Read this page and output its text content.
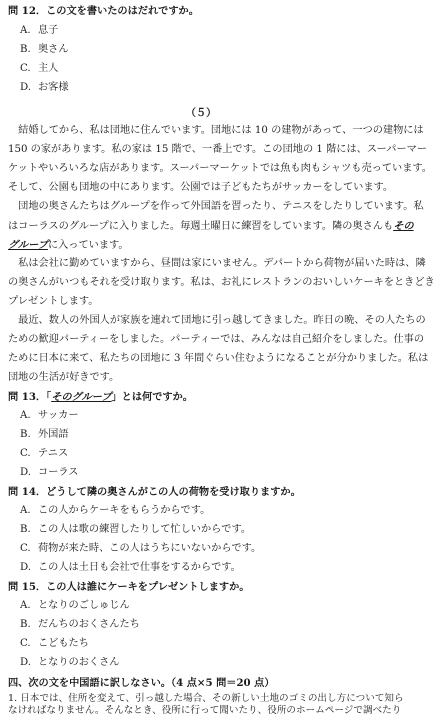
問 12．この文を書いたのはだれですか。
A. 息子
B. 奥さん
C. 主人
D. お客様
（５）
　結婚してから、私は団地に住んでいます。団地には 10 の建物があって、一つの建物には
150 の家があります。私の家は 15 階で、一番上です。この団地の 1 階には、スーパーマー
ケットやいろいろな店があります。スーパーマーケットでは魚も肉もシャツも売っています。
そして、公園も団地の中にあります。公園では子どもたちがサッカーをしています。
　団地の奥さんたちはグループを作って外国語を習ったり、テニスをしたりしています。私
はコーラスのグループに入りました。毎週土曜日に練習をしています。隣の奥さんもその
グループに入っています。
　私は会社に勤めていますから、昼間は家にいません。デパートから荷物が届いた時は、隣
の奥さんがいつもそれを受け取ります。私は、お礼にレストランのおいしいケーキをときどき
プレゼントします。
　最近、数人の外国人が家族を連れて団地に引っ越してきました。昨日の晩、その人たちの
ための歓迎パーティーをしました。パーティーでは、みんなは自己紹介をしました。仕事の
ために日本に来て、私たちの団地に 3 年間ぐらい住むようになることが分かりました。私は
団地の生活が好きです。
問 13．「そのグループ」とは何ですか。
A. サッカー
B. 外国語
C. テニス
D. コーラス
問 14．どうして隣の奥さんがこの人の荷物を受け取りますか。
A. この人からケーキをもらうからです。
B. この人は歌の練習したりして忙しいからです。
C. 荷物が来た時、この人はうちにいないからです。
D. この人は土日も会社で仕事をするからです。
問 15．この人は誰にケーキをプレゼントしますか。
A. となりのごしゅじん
B. だんちのおくさんたち
C. こどもたち
D. となりのおくさん
四、次の文を中国語に訳しなさい。（4 点×5 問＝20 点）
1. 日本では、住所を変えて、引っ越した場合、その新しい土地のゴミの出し方について知ら
なければなりません。そんなとき、役所に行って聞いたり、役所のホームページで調べたり
